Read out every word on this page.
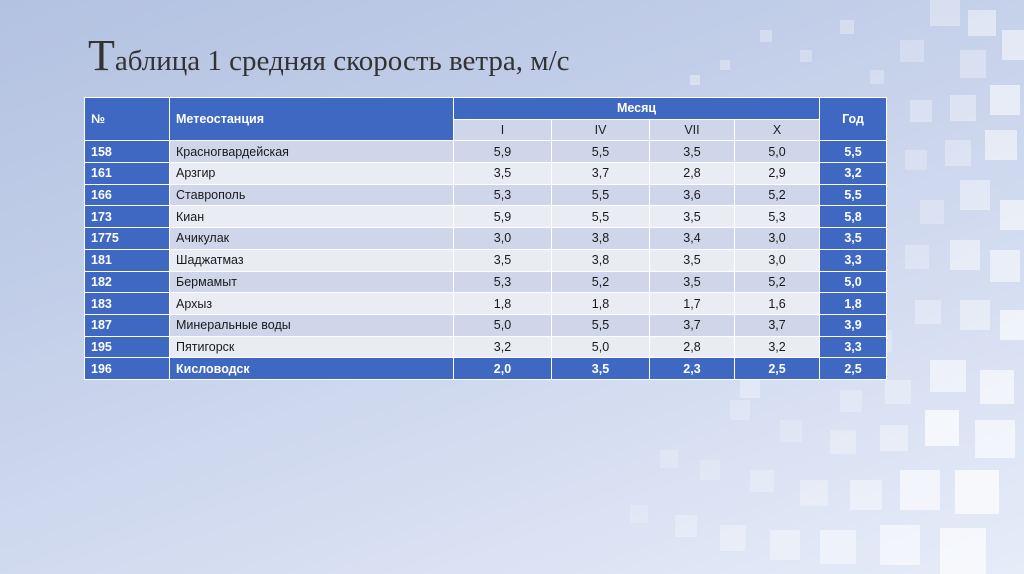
Таблица 1 средняя скорость ветра, м/с
№	Метеостанция	Месяц				Год
		I	IV	VII	X	
158	Красногвардейская	5,9	5,5	3,5	5,0	5,5
161	Арзгир	3,5	3,7	2,8	2,9	3,2
166	Ставрополь	5,3	5,5	3,6	5,2	5,5
173	Киан	5,9	5,5	3,5	5,3	5,8
1775	Ачикулак	3,0	3,8	3,4	3,0	3,5
181	Шаджатмаз	3,5	3,8	3,5	3,0	3,3
182	Бермамыт	5,3	5,2	3,5	5,2	5,0
183	Архыз	1,8	1,8	1,7	1,6	1,8
187	Минеральные воды	5,0	5,5	3,7	3,7	3,9
195	Пятигорск	3,2	5,0	2,8	3,2	3,3
196	Кисловодск	2,0	3,5	2,3	2,5	2,5
